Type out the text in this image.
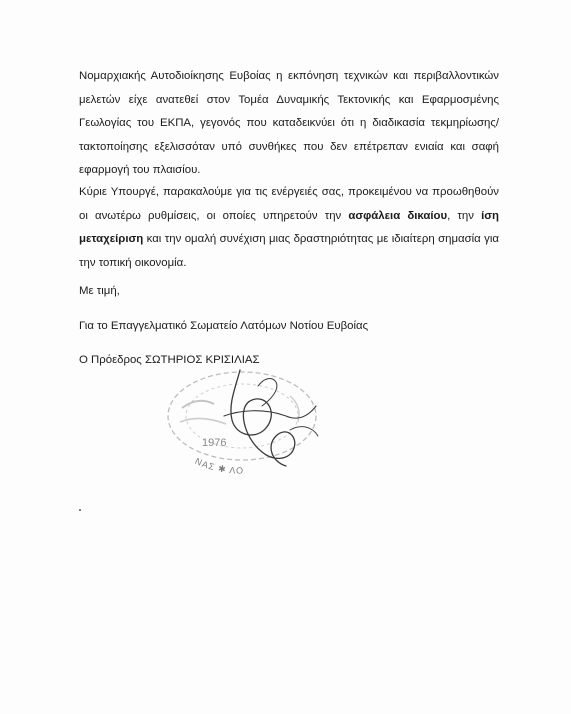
Νομαρχιακής Αυτοδιοίκησης Ευβοίας η εκπόνηση τεχνικών και περιβαλλοντικών μελετών είχε ανατεθεί στον Τομέα Δυναμικής Τεκτονικής και Εφαρμοσμένης Γεωλογίας του ΕΚΠΑ, γεγονός που καταδεικνύει ότι η διαδικασία τεκμηρίωσης/τακτοποίησης εξελισσόταν υπό συνθήκες που δεν επέτρεπαν ενιαία και σαφή εφαρμογή του πλαισίου.

Κύριε Υπουργέ, παρακαλούμε για τις ενέργειές σας, προκειμένου να προωθηθούν οι ανωτέρω ρυθμίσεις, οι οποίες υπηρετούν την ασφάλεια δικαίου, την ίση μεταχείριση και την ομαλή συνέχιση μιας δραστηριότητας με ιδιαίτερη σημασία για την τοπική οικονομία.

Με τιμή,
Για το Επαγγελματικό Σωματείο Λατόμων Νοτίου Ευβοίας
Ο Πρόεδρος ΣΩΤΗΡΙΟΣ ΚΡΙΣΙΛΙΑΣ
1976
ΝΑΣ ✱ ΛΟ
